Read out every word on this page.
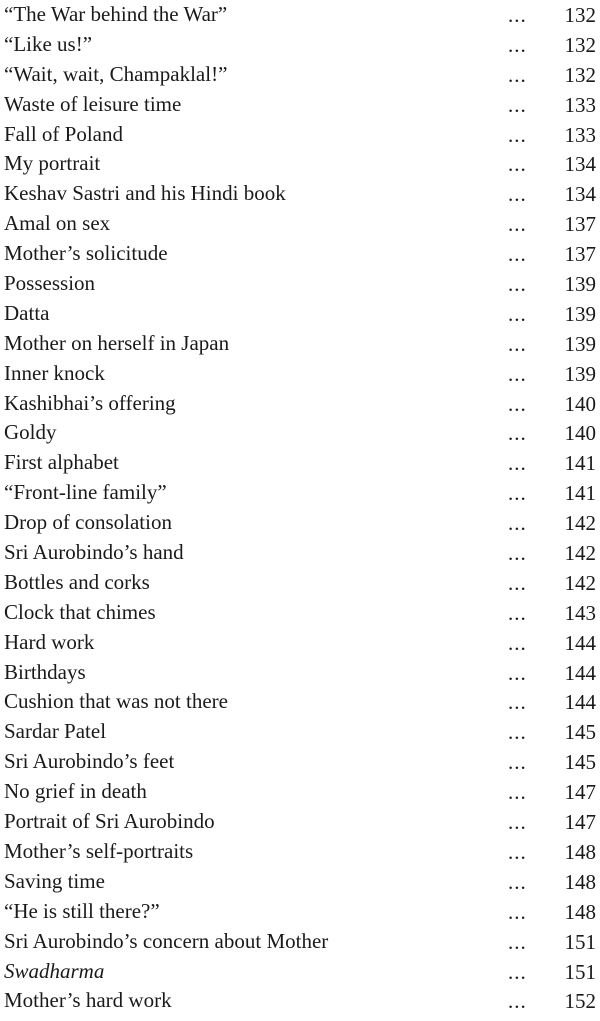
“The War behind the War”	... 132
“Like us!”	... 132
“Wait, wait, Champaklal!”	... 132
Waste of leisure time	... 133
Fall of Poland	... 133
My portrait	... 134
Keshav Sastri and his Hindi book	... 134
Amal on sex	... 137
Mother’s solicitude	... 137
Possession	... 139
Datta	... 139
Mother on herself in Japan	... 139
Inner knock	... 139
Kashibhai’s offering	... 140
Goldy	... 140
First alphabet	... 141
“Front-line family”	... 141
Drop of consolation	... 142
Sri Aurobindo’s hand	... 142
Bottles and corks	... 142
Clock that chimes	... 143
Hard work	... 144
Birthdays	... 144
Cushion that was not there	... 144
Sardar Patel	... 145
Sri Aurobindo’s feet	... 145
No grief in death	... 147
Portrait of Sri Aurobindo	... 147
Mother’s self-portraits	... 148
Saving time	... 148
“He is still there?”	... 148
Sri Aurobindo’s concern about Mother	... 151
Swadharma	... 151
Mother’s hard work	... 152
